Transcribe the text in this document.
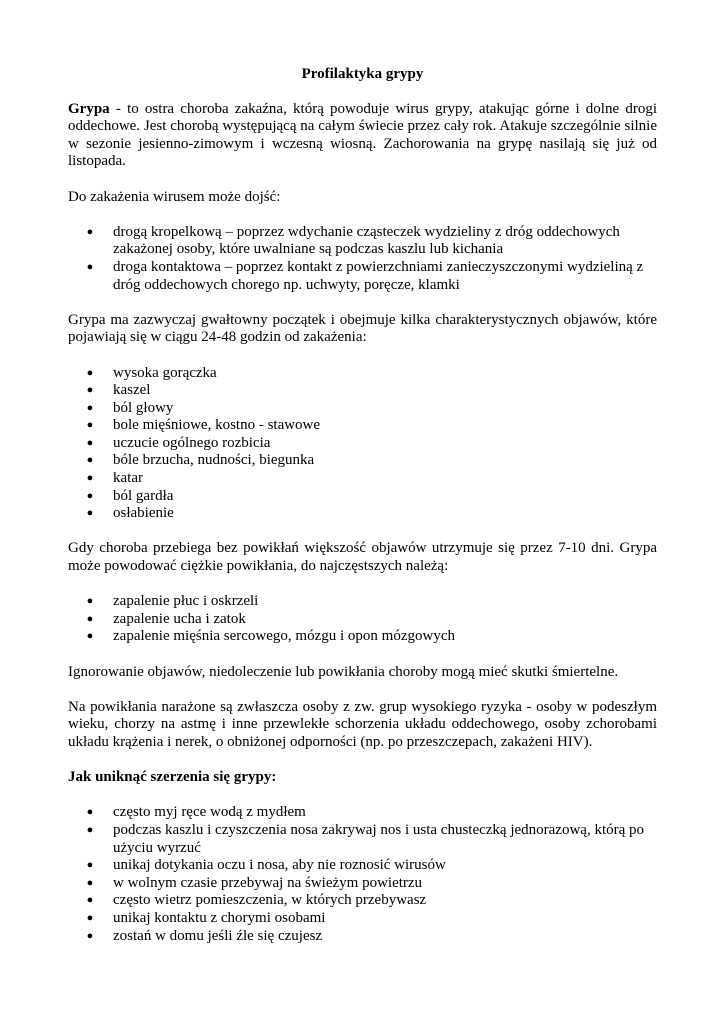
Profilaktyka grypy

Grypa - to ostra choroba zakaźna, którą powoduje wirus grypy, atakując górne i dolne drogi oddechowe. Jest chorobą występującą na całym świecie przez cały rok. Atakuje szczególnie silnie w sezonie jesienno-zimowym i wczesną wiosną. Zachorowania na grypę nasilają się już od listopada.

Do zakażenia wirusem może dojść:

● drogą kropelkową – poprzez wdychanie cząsteczek wydzieliny z dróg oddechowych zakażonej osoby, które uwalniane są podczas kaszlu lub kichania
● droga kontaktowa – poprzez kontakt z powierzchniami zanieczyszczonymi wydzieliną z dróg oddechowych chorego np. uchwyty, poręcze, klamki

Grypa ma zazwyczaj gwałtowny początek i obejmuje kilka charakterystycznych objawów, które pojawiają się w ciągu 24-48 godzin od zakażenia:

● wysoka gorączka
● kaszel
● ból głowy
● bole mięśniowe, kostno - stawowe
● uczucie ogólnego rozbicia
● bóle brzucha, nudności, biegunka
● katar
● ból gardła
● osłabienie

Gdy choroba przebiega bez powikłań większość objawów utrzymuje się przez 7-10 dni. Grypa może powodować ciężkie powikłania, do najczęstszych należą:

● zapalenie płuc i oskrzeli
● zapalenie ucha i zatok
● zapalenie mięśnia sercowego, mózgu i opon mózgowych

Ignorowanie objawów, niedoleczenie lub powikłania choroby mogą mieć skutki śmiertelne.

Na powikłania narażone są zwłaszcza osoby z zw. grup wysokiego ryzyka - osoby w podeszłym wieku, chorzy na astmę i inne przewlekłe schorzenia układu oddechowego, osoby zchorobami układu krążenia i nerek, o obniżonej odporności (np. po przeszczepach, zakażeni HIV).

Jak uniknąć szerzenia się grypy:

● często myj ręce wodą z mydłem
● podczas kaszlu i czyszczenia nosa zakrywaj nos i usta chusteczką jednorazową, którą po użyciu wyrzuć
● unikaj dotykania oczu i nosa, aby nie roznosić wirusów
● w wolnym czasie przebywaj na świeżym powietrzu
● często wietrz pomieszczenia, w których przebywasz
● unikaj kontaktu z chorymi osobami
● zostań w domu jeśli źle się czujesz
